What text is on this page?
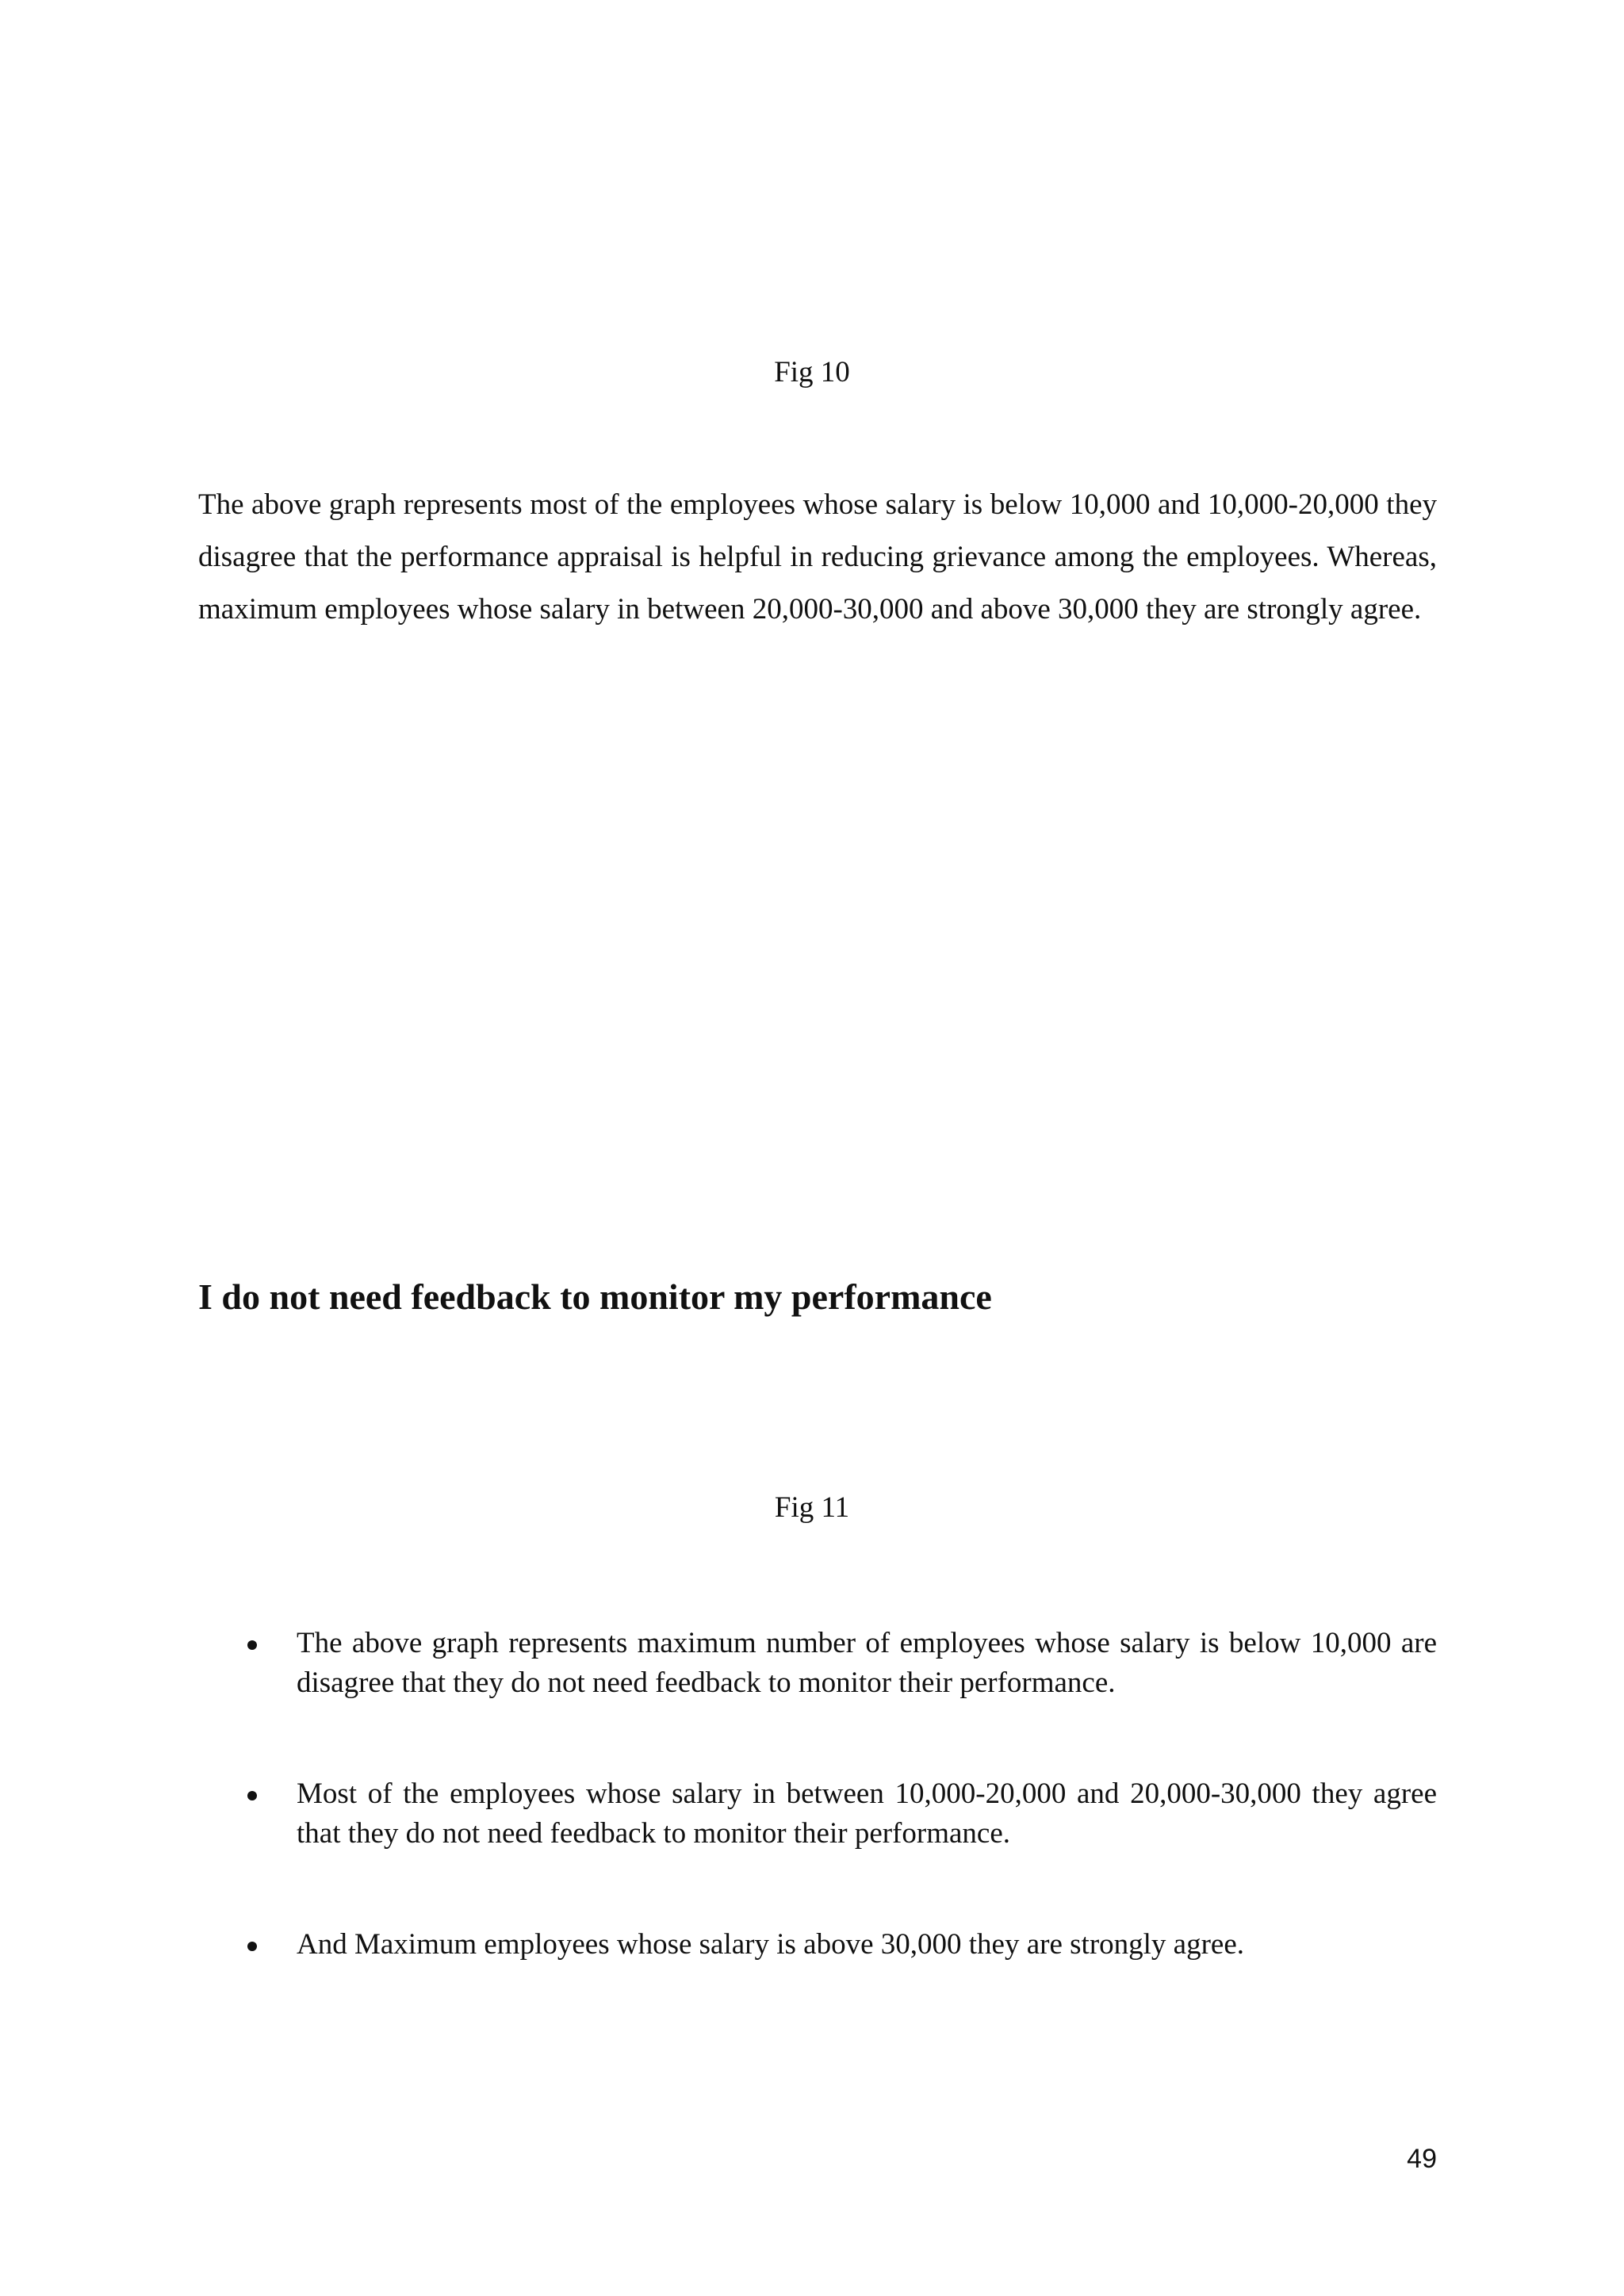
Fig 10

The above graph represents most of the employees whose salary is below 10,000 and 10,000-20,000 they disagree that the performance appraisal is helpful in reducing grievance among the employees. Whereas, maximum employees whose salary in between 20,000-30,000 and above 30,000 they are strongly agree.

I do not need feedback to monitor my performance
Fig 11
The above graph represents maximum number of employees whose salary is below 10,000 are disagree that they do not need feedback to monitor their performance.
Most of the employees whose salary in between 10,000-20,000 and 20,000-30,000 they agree that they do not need feedback to monitor their performance.
And Maximum employees whose salary is above 30,000 they are strongly agree.
49
